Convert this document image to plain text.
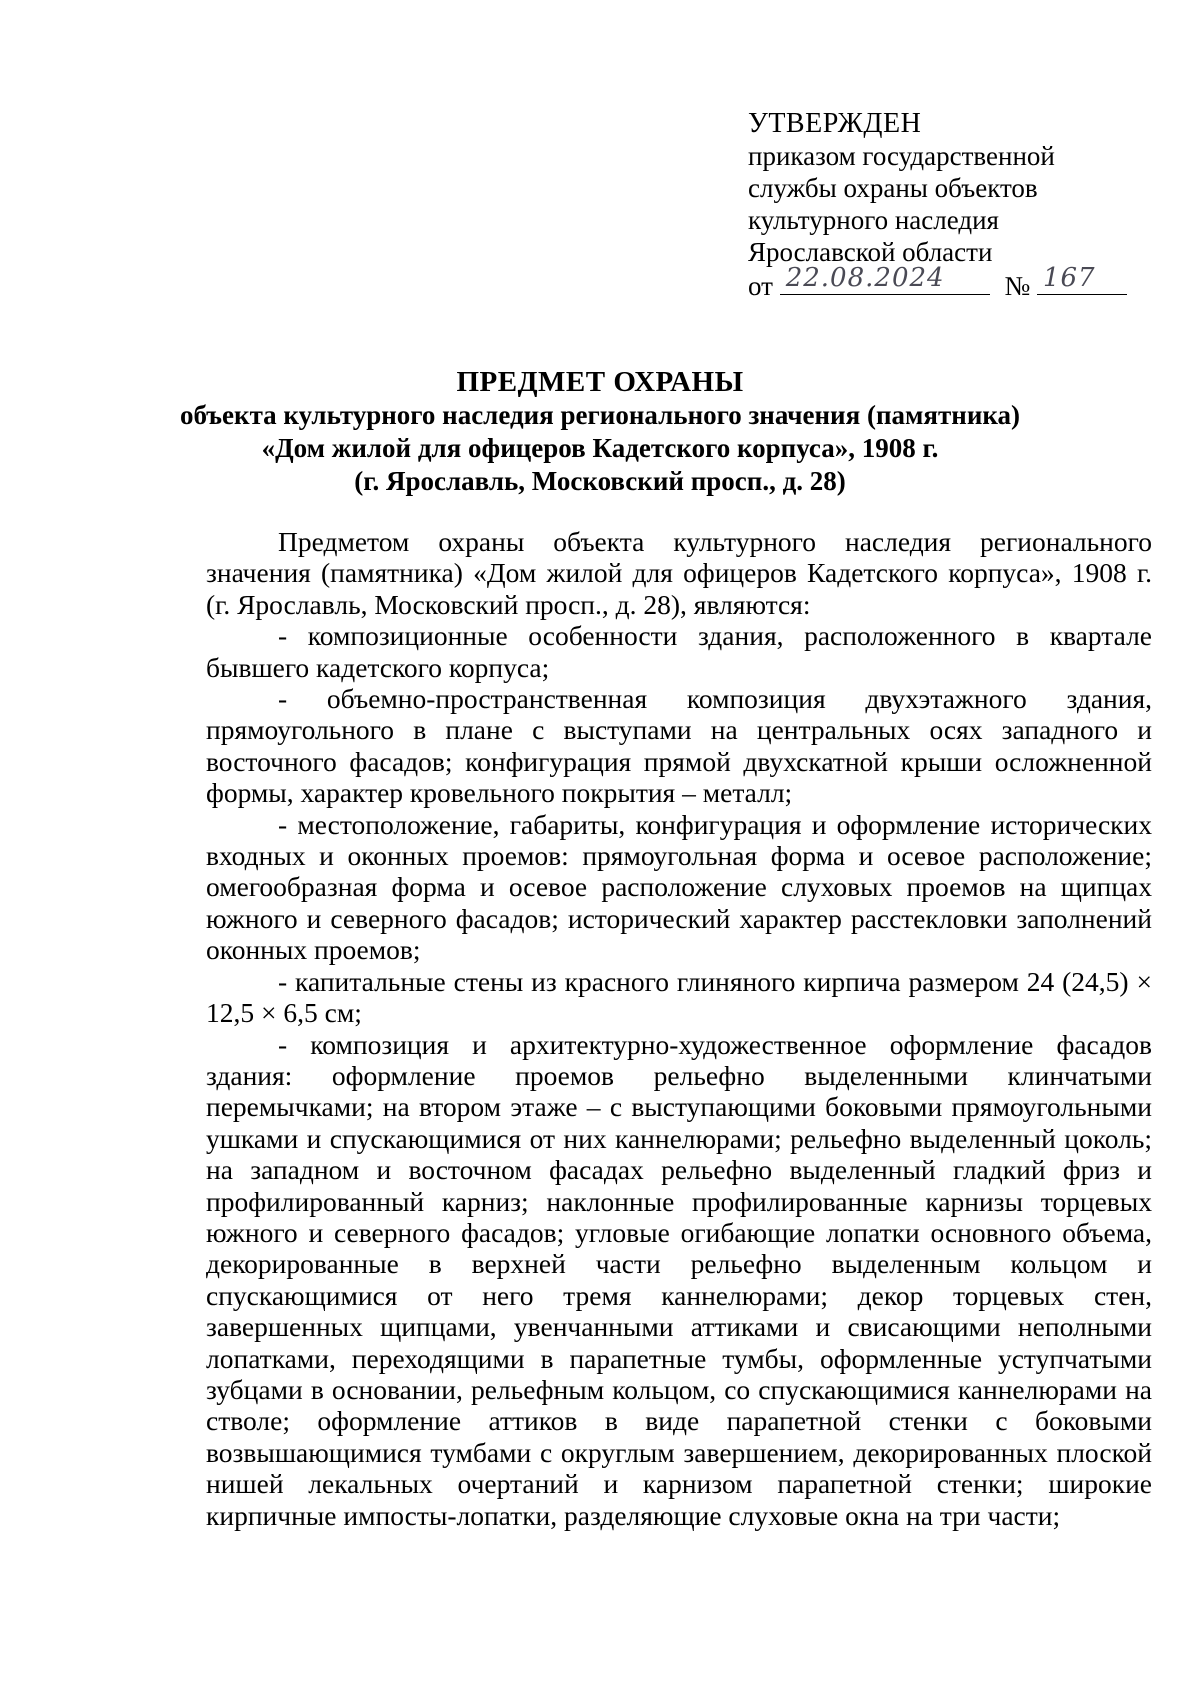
УТВЕРЖДЕН
приказом государственной
службы охраны объектов
культурного наследия
Ярославской области
от 22.08.2024 № 167
ПРЕДМЕТ ОХРАНЫ
объекта культурного наследия регионального значения (памятника)
«Дом жилой для офицеров Кадетского корпуса», 1908 г.
(г. Ярославль, Московский просп., д. 28)

Предметом охраны объекта культурного наследия регионального значения (памятника) «Дом жилой для офицеров Кадетского корпуса», 1908 г. (г. Ярославль, Московский просп., д. 28), являются:

- композиционные особенности здания, расположенного в квартале бывшего кадетского корпуса;

- объемно-пространственная композиция двухэтажного здания, прямоугольного в плане с выступами на центральных осях западного и восточного фасадов; конфигурация прямой двухскатной крыши осложненной формы, характер кровельного покрытия – металл;

- местоположение, габариты, конфигурация и оформление исторических входных и оконных проемов: прямоугольная форма и осевое расположение; омегообразная форма и осевое расположение слуховых проемов на щипцах южного и северного фасадов; исторический характер расстекловки заполнений оконных проемов;

- капитальные стены из красного глиняного кирпича размером 24 (24,5) × 12,5 × 6,5 см;

- композиция и архитектурно-художественное оформление фасадов здания: оформление проемов рельефно выделенными клинчатыми перемычками; на втором этаже – с выступающими боковыми прямоугольными ушками и спускающимися от них каннелюрами; рельефно выделенный цоколь; на западном и восточном фасадах рельефно выделенный гладкий фриз и профилированный карниз; наклонные профилированные карнизы торцевых южного и северного фасадов; угловые огибающие лопатки основного объема, декорированные в верхней части рельефно выделенным кольцом и спускающимися от него тремя каннелюрами; декор торцевых стен, завершенных щипцами, увенчанными аттиками и свисающими неполными лопатками, переходящими в парапетные тумбы, оформленные уступчатыми зубцами в основании, рельефным кольцом, со спускающимися каннелюрами на стволе; оформление аттиков в виде парапетной стенки с боковыми возвышающимися тумбами с округлым завершением, декорированных плоской нишей лекальных очертаний и карнизом парапетной стенки; широкие кирпичные импосты-лопатки, разделяющие слуховые окна на три части;
